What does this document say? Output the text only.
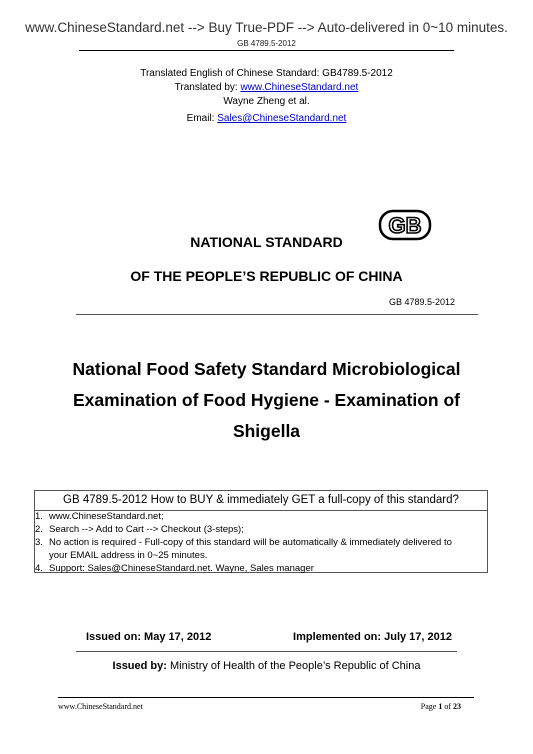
www.ChineseStandard.net --> Buy True-PDF --> Auto-delivered in 0~10 minutes.
GB 4789.5-2012
Translated English of Chinese Standard: GB4789.5-2012
Translated by: www.ChineseStandard.net
Wayne Zheng et al.
Email: Sales@ChineseStandard.net
GB
NATIONAL STANDARD
OF THE PEOPLE’S REPUBLIC OF CHINA
GB 4789.5-2012
National Food Safety Standard Microbiological
Examination of Food Hygiene - Examination of
Shigella
GB 4789.5-2012 How to BUY & immediately GET a full-copy of this standard?
1. www.ChineseStandard.net;
2. Search --> Add to Cart --> Checkout (3-steps);
3. No action is required - Full-copy of this standard will be automatically & immediately delivered to
your EMAIL address in 0~25 minutes.
4. Support: Sales@ChineseStandard.net. Wayne, Sales manager
Issued on: May 17, 2012	Implemented on: July 17, 2012
Issued by: Ministry of Health of the People’s Republic of China
www.ChineseStandard.net	Page 1 of 23
